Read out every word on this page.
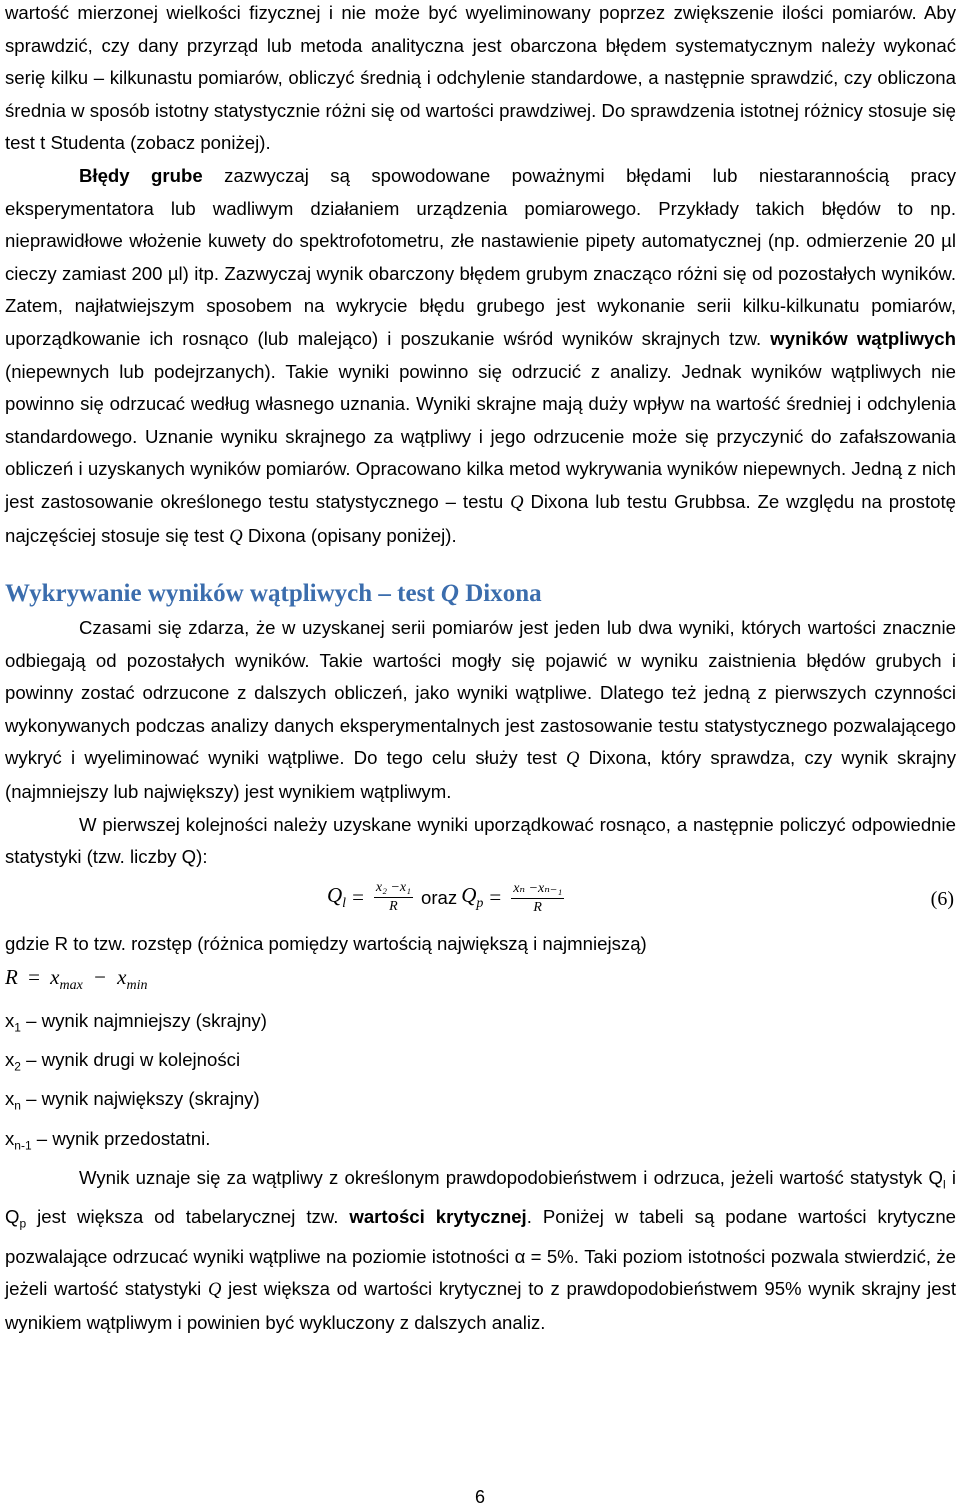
wartość mierzonej wielkości fizycznej i nie może być wyeliminowany poprzez zwiększenie ilości pomiarów. Aby sprawdzić, czy dany przyrząd lub metoda analityczna jest obarczona błędem systematycznym należy wykonać serię kilku – kilkunastu pomiarów, obliczyć średnią i odchylenie standardowe, a następnie sprawdzić, czy obliczona średnia w sposób istotny statystycznie różni się od wartości prawdziwej. Do sprawdzenia istotnej różnicy stosuje się test t Studenta (zobacz poniżej).

Błędy grube zazwyczaj są spowodowane poważnymi błędami lub niestarannością pracy eksperymentatora lub wadliwym działaniem urządzenia pomiarowego. Przykłady takich błędów to np. nieprawidłowe włożenie kuwety do spektrofotometru, złe nastawienie pipety automatycznej (np. odmierzenie 20 µl cieczy zamiast 200 µl) itp. Zazwyczaj wynik obarczony błędem grubym znacząco różni się od pozostałych wyników. Zatem, najłatwiejszym sposobem na wykrycie błędu grubego jest wykonanie serii kilku-kilkunatu pomiarów, uporządkowanie ich rosnąco (lub malejąco) i poszukanie wśród wyników skrajnych tzw. wyników wątpliwych (niepewnych lub podejrzanych). Takie wyniki powinno się odrzucić z analizy. Jednak wyników wątpliwych nie powinno się odrzucać według własnego uznania. Wyniki skrajne mają duży wpływ na wartość średniej i odchylenia standardowego. Uznanie wyniku skrajnego za wątpliwy i jego odrzucenie może się przyczynić do zafałszowania obliczeń i uzyskanych wyników pomiarów. Opracowano kilka metod wykrywania wyników niepewnych. Jedną z nich jest zastosowanie określonego testu statystycznego – testu Q Dixona lub testu Grubbsa. Ze względu na prostotę najczęściej stosuje się test Q Dixona (opisany poniżej).

Wykrywanie wyników wątpliwych – test Q Dixona

Czasami się zdarza, że w uzyskanej serii pomiarów jest jeden lub dwa wyniki, których wartości znacznie odbiegają od pozostałych wyników. Takie wartości mogły się pojawić w wyniku zaistnienia błędów grubych i powinny zostać odrzucone z dalszych obliczeń, jako wyniki wątpliwe. Dlatego też jedną z pierwszych czynności wykonywanych podczas analizy danych eksperymentalnych jest zastosowanie testu statystycznego pozwalającego wykryć i wyeliminować wyniki wątpliwe. Do tego celu służy test Q Dixona, który sprawdza, czy wynik skrajny (najmniejszy lub największy) jest wynikiem wątpliwym.

W pierwszej kolejności należy uzyskane wyniki uporządkować rosnąco, a następnie policzyć odpowiednie statystyki (tzw. liczby Q):

$Q_l = \frac{\text{x₂ −x₁}}{R}$ oraz $Q_p = \frac{\text{xₙ −xₙ₋₁}}{R}$	(6)

gdzie R to tzw. rozstęp (różnica pomiędzy wartością największą i najmniejszą)

$R = x_{max} - x_{min}$

$x_1$ – wynik najmniejszy (skrajny)

$x_2$ – wynik drugi w kolejności

$x_n$ – wynik największy (skrajny)

$x_{n-1}$ – wynik przedostatni.

Wynik uznaje się za wątpliwy z określonym prawdopodobieństwem i odrzuca, jeżeli wartość statystyk $Q_l$ i $Q_p$ jest większa od tabelarycznej tzw. wartości krytycznej. Poniżej w tabeli są podane wartości krytyczne pozwalające odrzucać wyniki wątpliwe na poziomie istotności α = 5%. Taki poziom istotności pozwala stwierdzić, że jeżeli wartość statystyki Q jest większa od wartości krytycznej to z prawdopodobieństwem 95% wynik skrajny jest wynikiem wątpliwym i powinien być wykluczony z dalszych analiz.

6
